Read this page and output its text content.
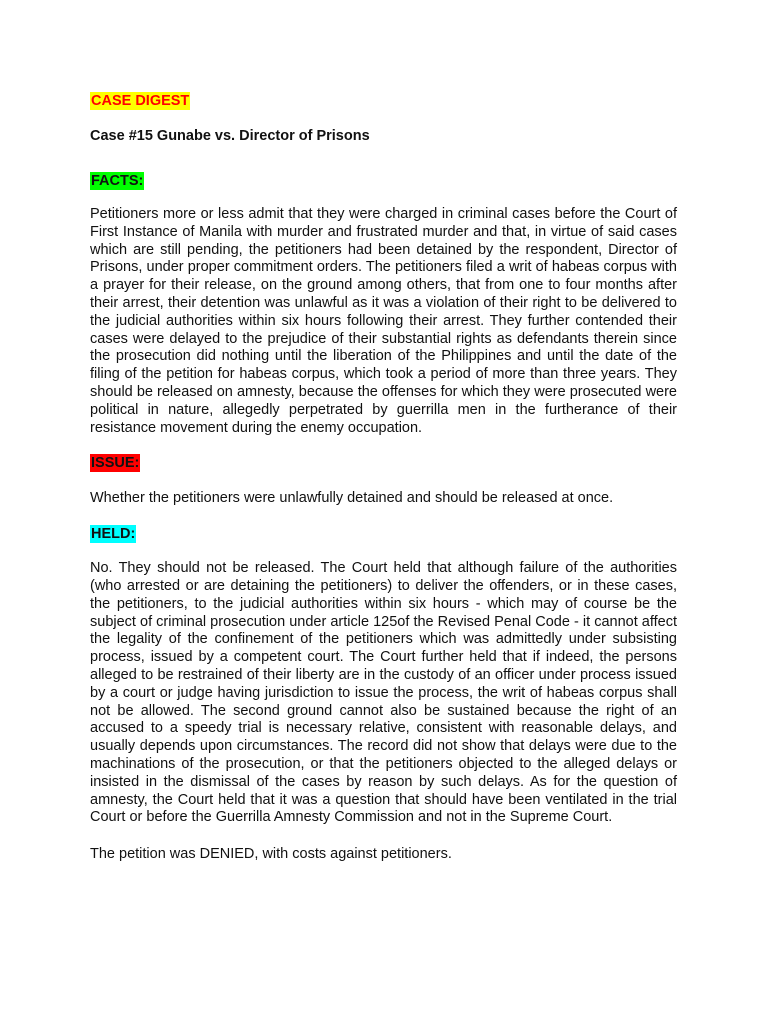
CASE DIGEST

Case #15 Gunabe vs. Director of Prisons

FACTS:

Petitioners more or less admit that they were charged in criminal cases before the Court of First Instance of Manila with murder and frustrated murder and that, in virtue of said cases which are still pending, the petitioners had been detained by the respondent, Director of Prisons, under proper commitment orders. The petitioners filed a writ of habeas corpus with a prayer for their release, on the ground among others, that from one to four months after their arrest, their detention was unlawful as it was a violation of their right to be delivered to the judicial authorities within six hours following their arrest. They further contended their cases were delayed to the prejudice of their substantial rights as defendants therein since the prosecution did nothing until the liberation of the Philippines and until the date of the filing of the petition for habeas corpus, which took a period of more than three years. They should be released on amnesty, because the offenses for which they were prosecuted were political in nature, allegedly perpetrated by guerrilla men in the furtherance of their resistance movement during the enemy occupation.

ISSUE:

Whether the petitioners were unlawfully detained and should be released at once.

HELD:

No. They should not be released. The Court held that although failure of the authorities (who arrested or are detaining the petitioners) to deliver the offenders, or in these cases, the petitioners, to the judicial authorities within six hours - which may of course be the subject of criminal prosecution under article 125of the Revised Penal Code - it cannot affect the legality of the confinement of the petitioners which was admittedly under subsisting process, issued by a competent court. The Court further held that if indeed, the persons alleged to be restrained of their liberty are in the custody of an officer under process issued by a court or judge having jurisdiction to issue the process, the writ of habeas corpus shall not be allowed. The second ground cannot also be sustained because the right of an accused to a speedy trial is necessary relative, consistent with reasonable delays, and usually depends upon circumstances. The record did not show that delays were due to the machinations of the prosecution, or that the petitioners objected to the alleged delays or insisted in the dismissal of the cases by reason by such delays. As for the question of amnesty, the Court held that it was a question that should have been ventilated in the trial Court or before the Guerrilla Amnesty Commission and not in the Supreme Court.

The petition was DENIED, with costs against petitioners.
